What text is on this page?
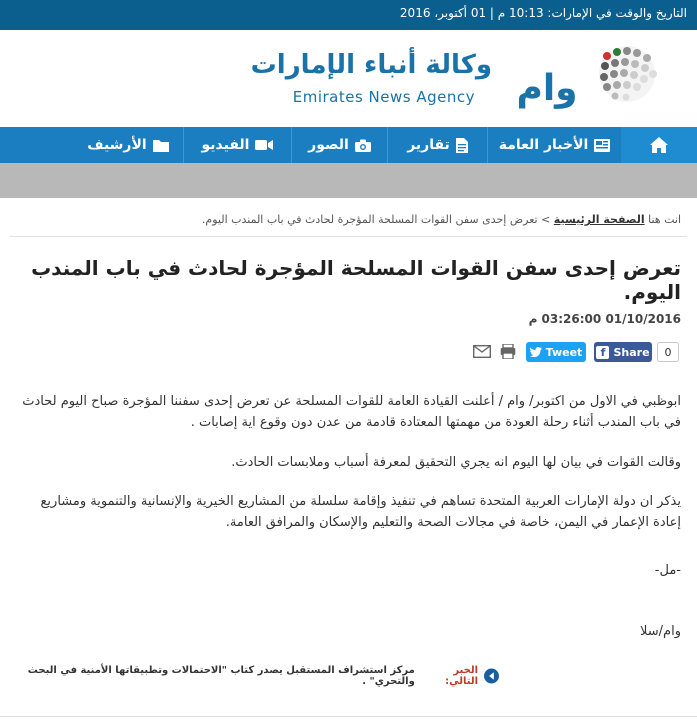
التاريخ والوقت في الإمارات: 10:13 م | 01 أكتوبر، 2016
وكالة أنباء الإمارات
Emirates News Agency وام
الأخبار العامة
تقارير
الصور
الفيديو
الأرشيف
انت هنا الصفحة الرئيسية > تعرض إحدى سفن القوات المسلحة المؤجرة لحادث في باب المندب اليوم.
تعرض إحدى سفن القوات المسلحة المؤجرة لحادث في باب المندب اليوم.
01/10/2016 03:26:00 م
0
f Share
Tweet

ابوظبي في الاول من اكتوبر/ وام / أعلنت القيادة العامة للقوات المسلحة عن تعرض إحدى سفننا المؤجرة صباح اليوم لحادث في باب المندب أثناء رحلة العودة من مهمتها المعتادة قادمة من عدن دون وقوع اية إصابات .

وقالت القوات في بيان لها اليوم انه يجري التحقيق لمعرفة أسباب وملابسات الحادث.

يذكر ان دولة الإمارات العربية المتحدة تساهم في تنفيذ وإقامة سلسلة من المشاريع الخيرية والإنسانية والتنموية ومشاريع إعادة الإعمار في اليمن، خاصة في مجالات الصحة والتعليم والإسكان والمرافق العامة.

-مل-

وام/سلا

الخبر التالي:
مركز استشراف المستقبل يصدر كتاب "الاحتمالات وتطبيقاتها الأمنية في البحث والتحري" .
